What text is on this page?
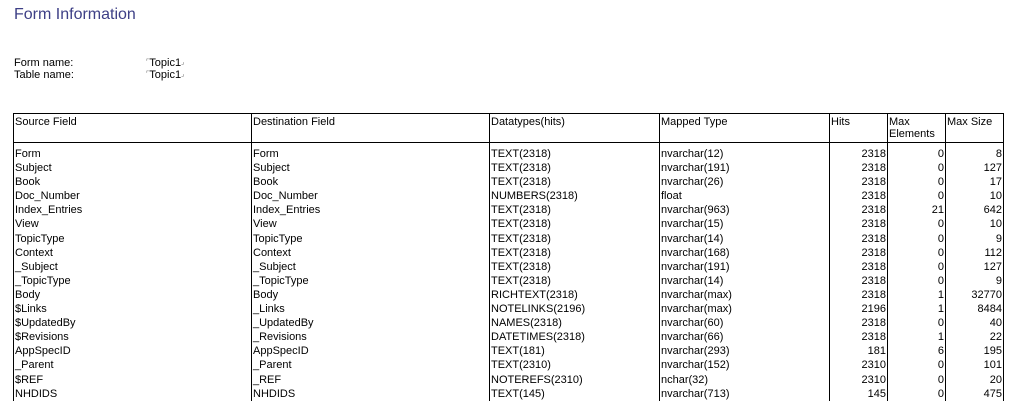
Form Information
Form name:	⌜Topic1⌟
Table name:	⌜Topic1⌟
Source Field	Destination Field	Datatypes(hits)	Mapped Type	Hits	Max Elements	Max Size
Form	Form	TEXT(2318)	nvarchar(12)	2318	0	8
Subject	Subject	TEXT(2318)	nvarchar(191)	2318	0	127
Book	Book	TEXT(2318)	nvarchar(26)	2318	0	17
Doc_Number	Doc_Number	NUMBERS(2318)	float	2318	0	10
Index_Entries	Index_Entries	TEXT(2318)	nvarchar(963)	2318	21	642
View	View	TEXT(2318)	nvarchar(15)	2318	0	10
TopicType	TopicType	TEXT(2318)	nvarchar(14)	2318	0	9
Context	Context	TEXT(2318)	nvarchar(168)	2318	0	112
_Subject	_Subject	TEXT(2318)	nvarchar(191)	2318	0	127
_TopicType	_TopicType	TEXT(2318)	nvarchar(14)	2318	0	9
Body	Body	RICHTEXT(2318)	nvarchar(max)	2318	1	32770
$Links	_Links	NOTELINKS(2196)	nvarchar(max)	2196	1	8484
$UpdatedBy	_UpdatedBy	NAMES(2318)	nvarchar(60)	2318	0	40
$Revisions	_Revisions	DATETIMES(2318)	nvarchar(66)	2318	1	22
AppSpecID	AppSpecID	TEXT(181)	nvarchar(293)	181	6	195
_Parent	_Parent	TEXT(2310)	nvarchar(152)	2310	0	101
$REF	_REF	NOTEREFS(2310)	nchar(32)	2310	0	20
NHDIDS	NHDIDS	TEXT(145)	nvarchar(713)	145	0	475
